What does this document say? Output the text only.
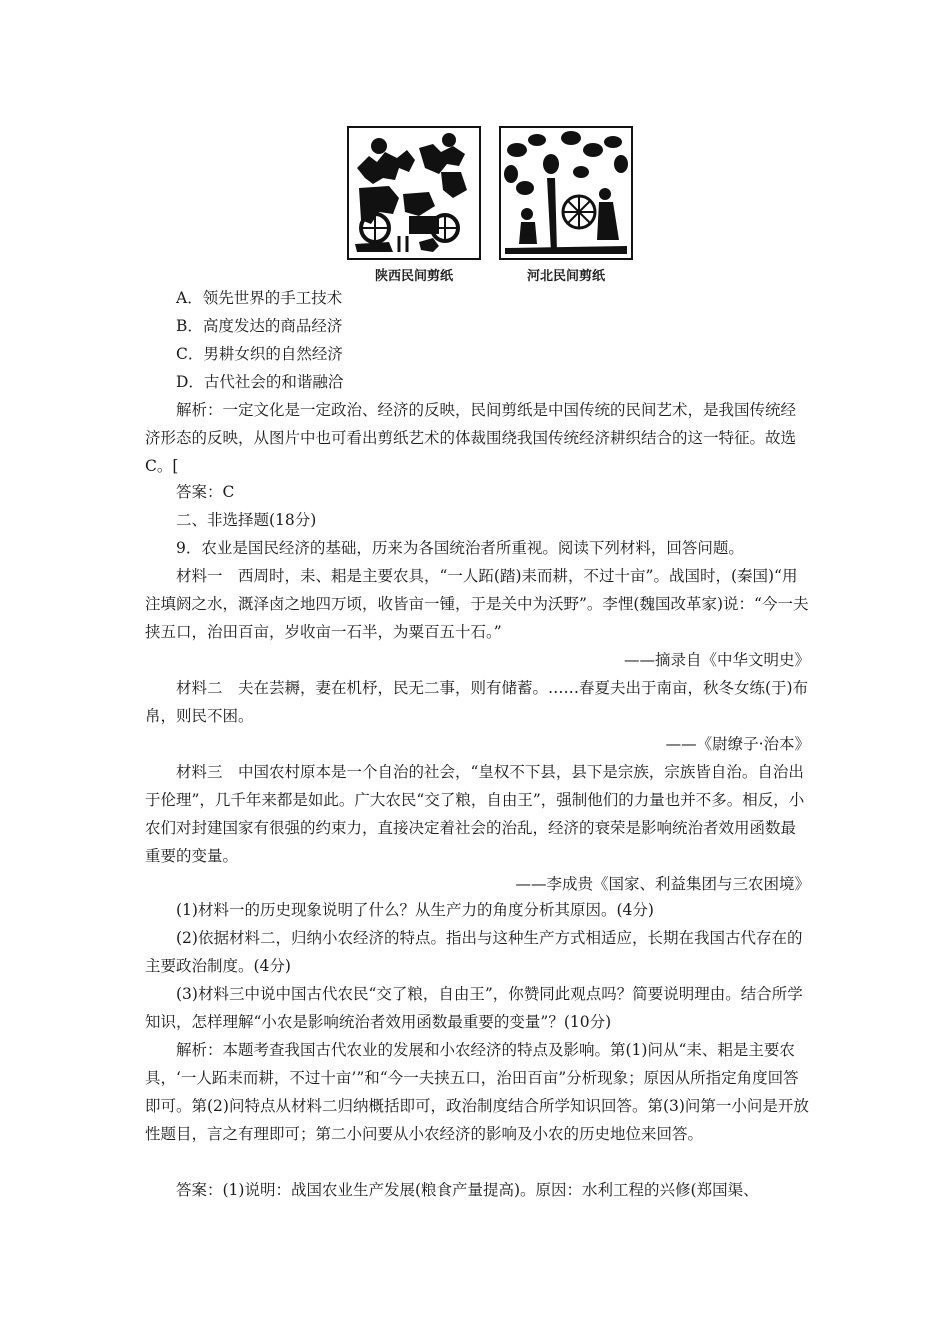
陕西民间剪纸	河北民间剪纸
A．领先世界的手工技术
B．高度发达的商品经济
C．男耕女织的自然经济
D．古代社会的和谐融洽

解析：一定文化是一定政治、经济的反映，民间剪纸是中国传统的民间艺术，是我国传统经济形态的反映，从图片中也可看出剪纸艺术的体裁围绕我国传统经济耕织结合的这一特征。故选C。[

答案：C
二、非选择题(18分)
9．农业是国民经济的基础，历来为各国统治者所重视。阅读下列材料，回答问题。

材料一　西周时，耒、耜是主要农具，“一人跖(踏)耒而耕，不过十亩”。战国时，(秦国)“用注填阏之水，溉泽卤之地四万顷，收皆亩一锺，于是关中为沃野”。李悝(魏国改革家)说：“今一夫挟五口，治田百亩，岁收亩一石半，为粟百五十石。”

——摘录自《中华文明史》

材料二　夫在芸耨，妻在机杼，民无二事，则有储蓄。……春夏夫出于南亩，秋冬女练(于)布帛，则民不困。

——《尉缭子·治本》

材料三　中国农村原本是一个自治的社会，“皇权不下县，县下是宗族，宗族皆自治。自治出于伦理”，几千年来都是如此。广大农民“交了粮，自由王”，强制他们的力量也并不多。相反，小农们对封建国家有很强的约束力，直接决定着社会的治乱，经济的衰荣是影响统治者效用函数最重要的变量。

——李成贵《国家、利益集团与三农困境》

(1)材料一的历史现象说明了什么？从生产力的角度分析其原因。(4分)

(2)依据材料二，归纳小农经济的特点。指出与这种生产方式相适应，长期在我国古代存在的主要政治制度。(4分)

(3)材料三中说中国古代农民“交了粮，自由王”，你赞同此观点吗？简要说明理由。结合所学知识，怎样理解“小农是影响统治者效用函数最重要的变量”？(10分)

解析：本题考查我国古代农业的发展和小农经济的特点及影响。第(1)问从“耒、耜是主要农具，‘一人跖耒而耕，不过十亩’”和“今一夫挟五口，治田百亩”分析现象；原因从所指定角度回答即可。第(2)问特点从材料二归纳概括即可，政治制度结合所学知识回答。第(3)问第一小问是开放性题目，言之有理即可；第二小问要从小农经济的影响及小农的历史地位来回答。

答案：(1)说明：战国农业生产发展(粮食产量提高)。原因：水利工程的兴修(郑国渠、
